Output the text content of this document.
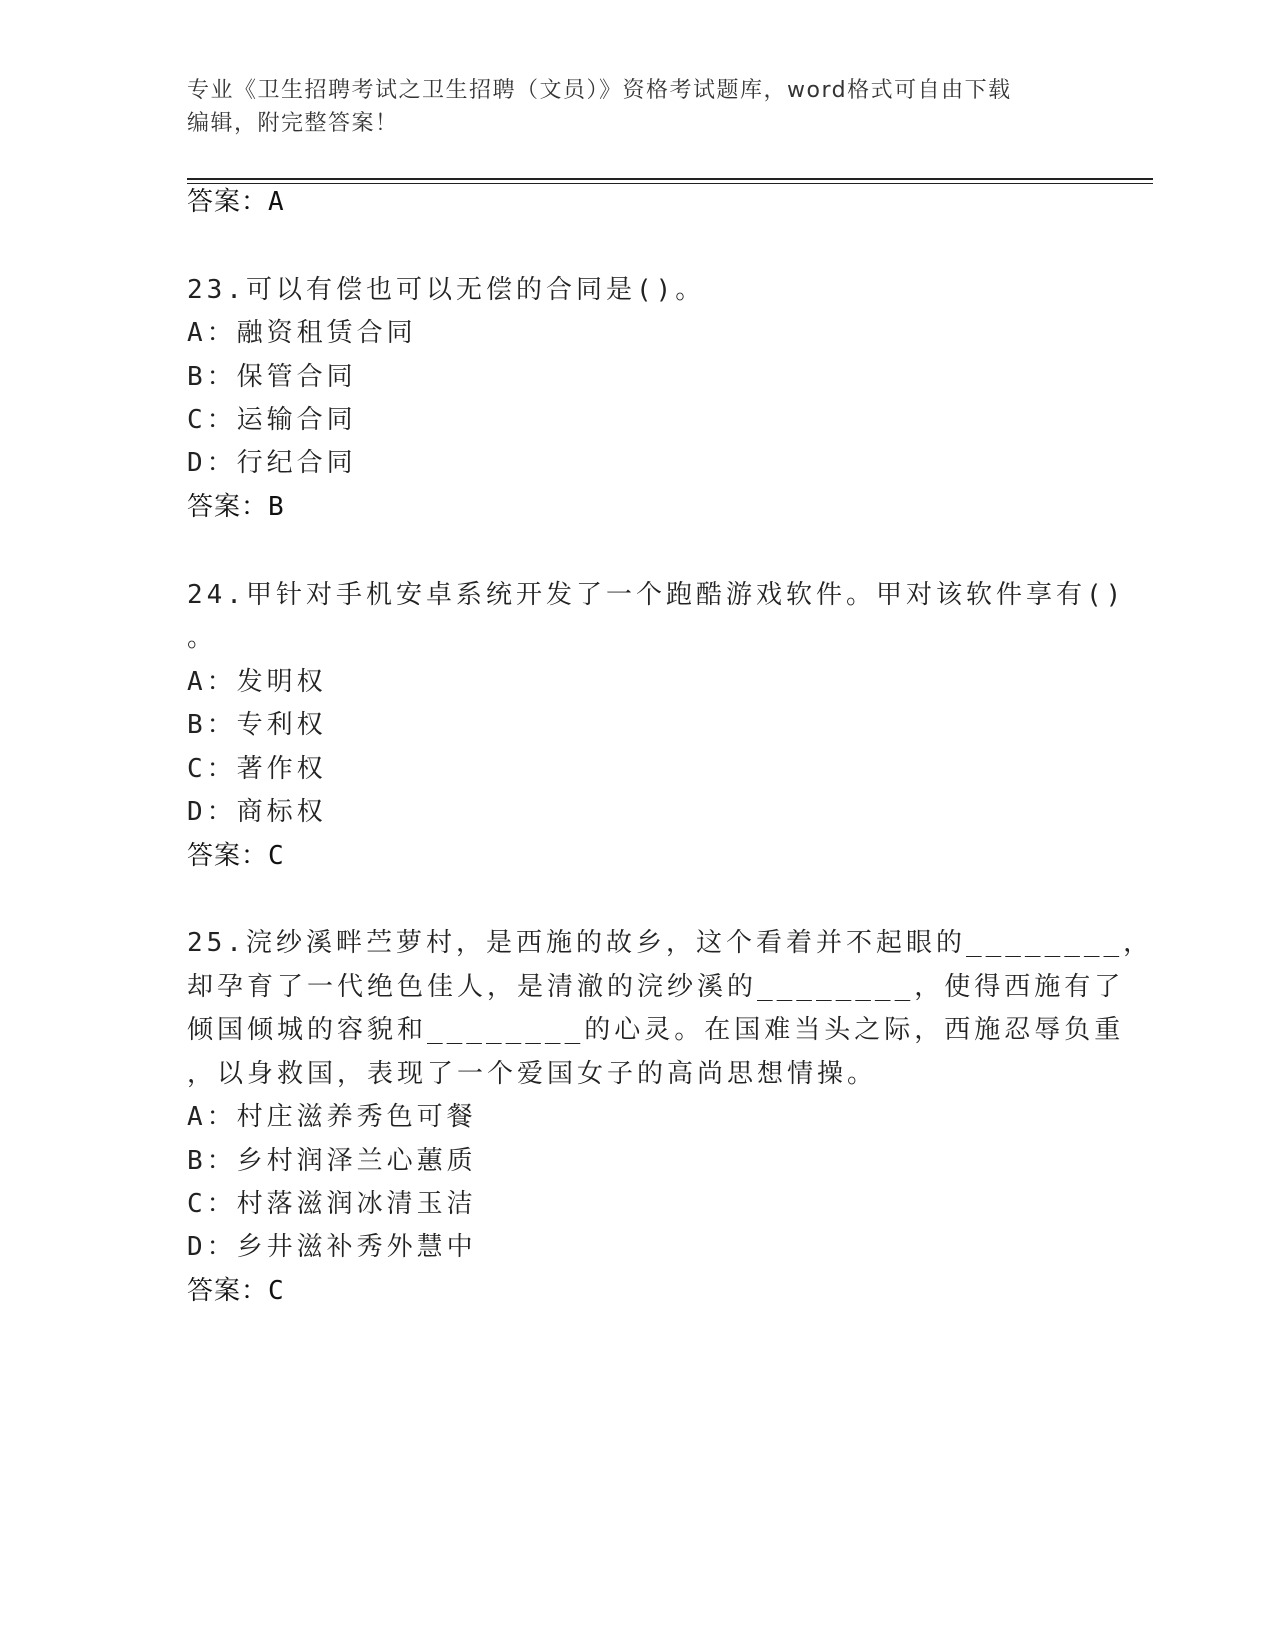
专业《卫生招聘考试之卫生招聘（文员）》资格考试题库，word格式可自由下载
编辑，附完整答案！
答案：A
23.可以有偿也可以无偿的合同是()。
A：融资租赁合同
B：保管合同
C：运输合同
D：行纪合同
答案：B
24.甲针对手机安卓系统开发了一个跑酷游戏软件。甲对该软件享有()
。
A：发明权
B：专利权
C：著作权
D：商标权
答案：C
25.浣纱溪畔苎萝村，是西施的故乡，这个看着并不起眼的________，
却孕育了一代绝色佳人，是清澈的浣纱溪的________，使得西施有了
倾国倾城的容貌和________的心灵。在国难当头之际，西施忍辱负重
，以身救国，表现了一个爱国女子的高尚思想情操。
A：村庄滋养秀色可餐
B：乡村润泽兰心蕙质
C：村落滋润冰清玉洁
D：乡井滋补秀外慧中
答案：C
